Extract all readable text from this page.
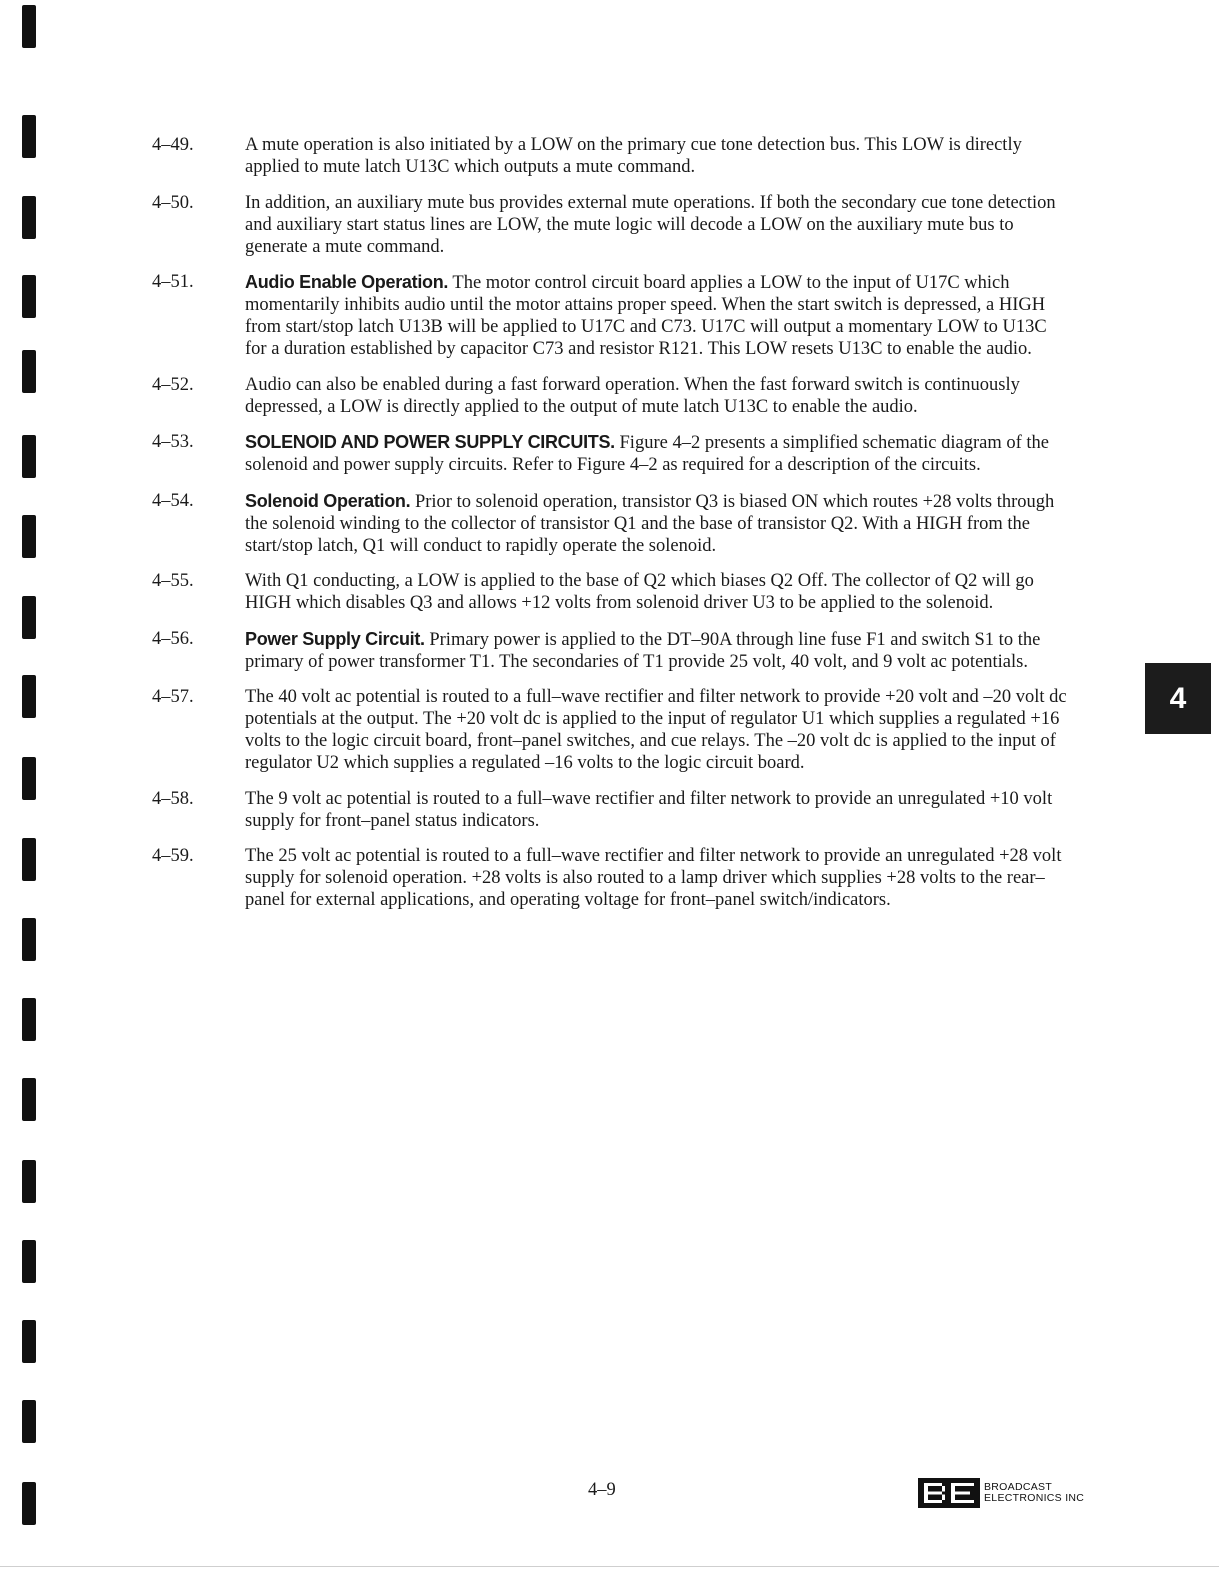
4–49.	A mute operation is also initiated by a LOW on the primary cue tone detection bus. This LOW is directly applied to mute latch U13C which outputs a mute command.
4–50.	In addition, an auxiliary mute bus provides external mute operations. If both the secondary cue tone detection and auxiliary start status lines are LOW, the mute logic will decode a LOW on the auxiliary mute bus to generate a mute command.
4–51.	Audio Enable Operation. The motor control circuit board applies a LOW to the input of U17C which momentarily inhibits audio until the motor attains proper speed. When the start switch is depressed, a HIGH from start/stop latch U13B will be applied to U17C and C73. U17C will output a momentary LOW to U13C for a duration established by capacitor C73 and resistor R121. This LOW resets U13C to enable the audio.
4–52.	Audio can also be enabled during a fast forward operation. When the fast forward switch is continuously depressed, a LOW is directly applied to the output of mute latch U13C to enable the audio.
4–53.	SOLENOID AND POWER SUPPLY CIRCUITS. Figure 4–2 presents a simplified schematic diagram of the solenoid and power supply circuits. Refer to Figure 4–2 as required for a description of the circuits.
4–54.	Solenoid Operation. Prior to solenoid operation, transistor Q3 is biased ON which routes +28 volts through the solenoid winding to the collector of transistor Q1 and the base of transistor Q2. With a HIGH from the start/stop latch, Q1 will conduct to rapidly operate the solenoid.
4–55.	With Q1 conducting, a LOW is applied to the base of Q2 which biases Q2 Off. The collector of Q2 will go HIGH which disables Q3 and allows +12 volts from solenoid driver U3 to be applied to the solenoid.
4–56.	Power Supply Circuit. Primary power is applied to the DT–90A through line fuse F1 and switch S1 to the primary of power transformer T1. The secondaries of T1 provide 25 volt, 40 volt, and 9 volt ac potentials.
4–57.	The 40 volt ac potential is routed to a full–wave rectifier and filter network to provide +20 volt and –20 volt dc potentials at the output. The +20 volt dc is applied to the input of regulator U1 which supplies a regulated +16 volts to the logic circuit board, front–panel switches, and cue relays. The –20 volt dc is applied to the input of regulator U2 which supplies a regulated –16 volts to the logic circuit board.
4–58.	The 9 volt ac potential is routed to a full–wave rectifier and filter network to provide an unregulated +10 volt supply for front–panel status indicators.
4–59.	The 25 volt ac potential is routed to a full–wave rectifier and filter network to provide an unregulated +28 volt supply for solenoid operation. +28 volts is also routed to a lamp driver which supplies +28 volts to the rear–panel for external applications, and operating voltage for front–panel switch/indicators.
4
4–9	BROADCAST
ELECTRONICS INC
